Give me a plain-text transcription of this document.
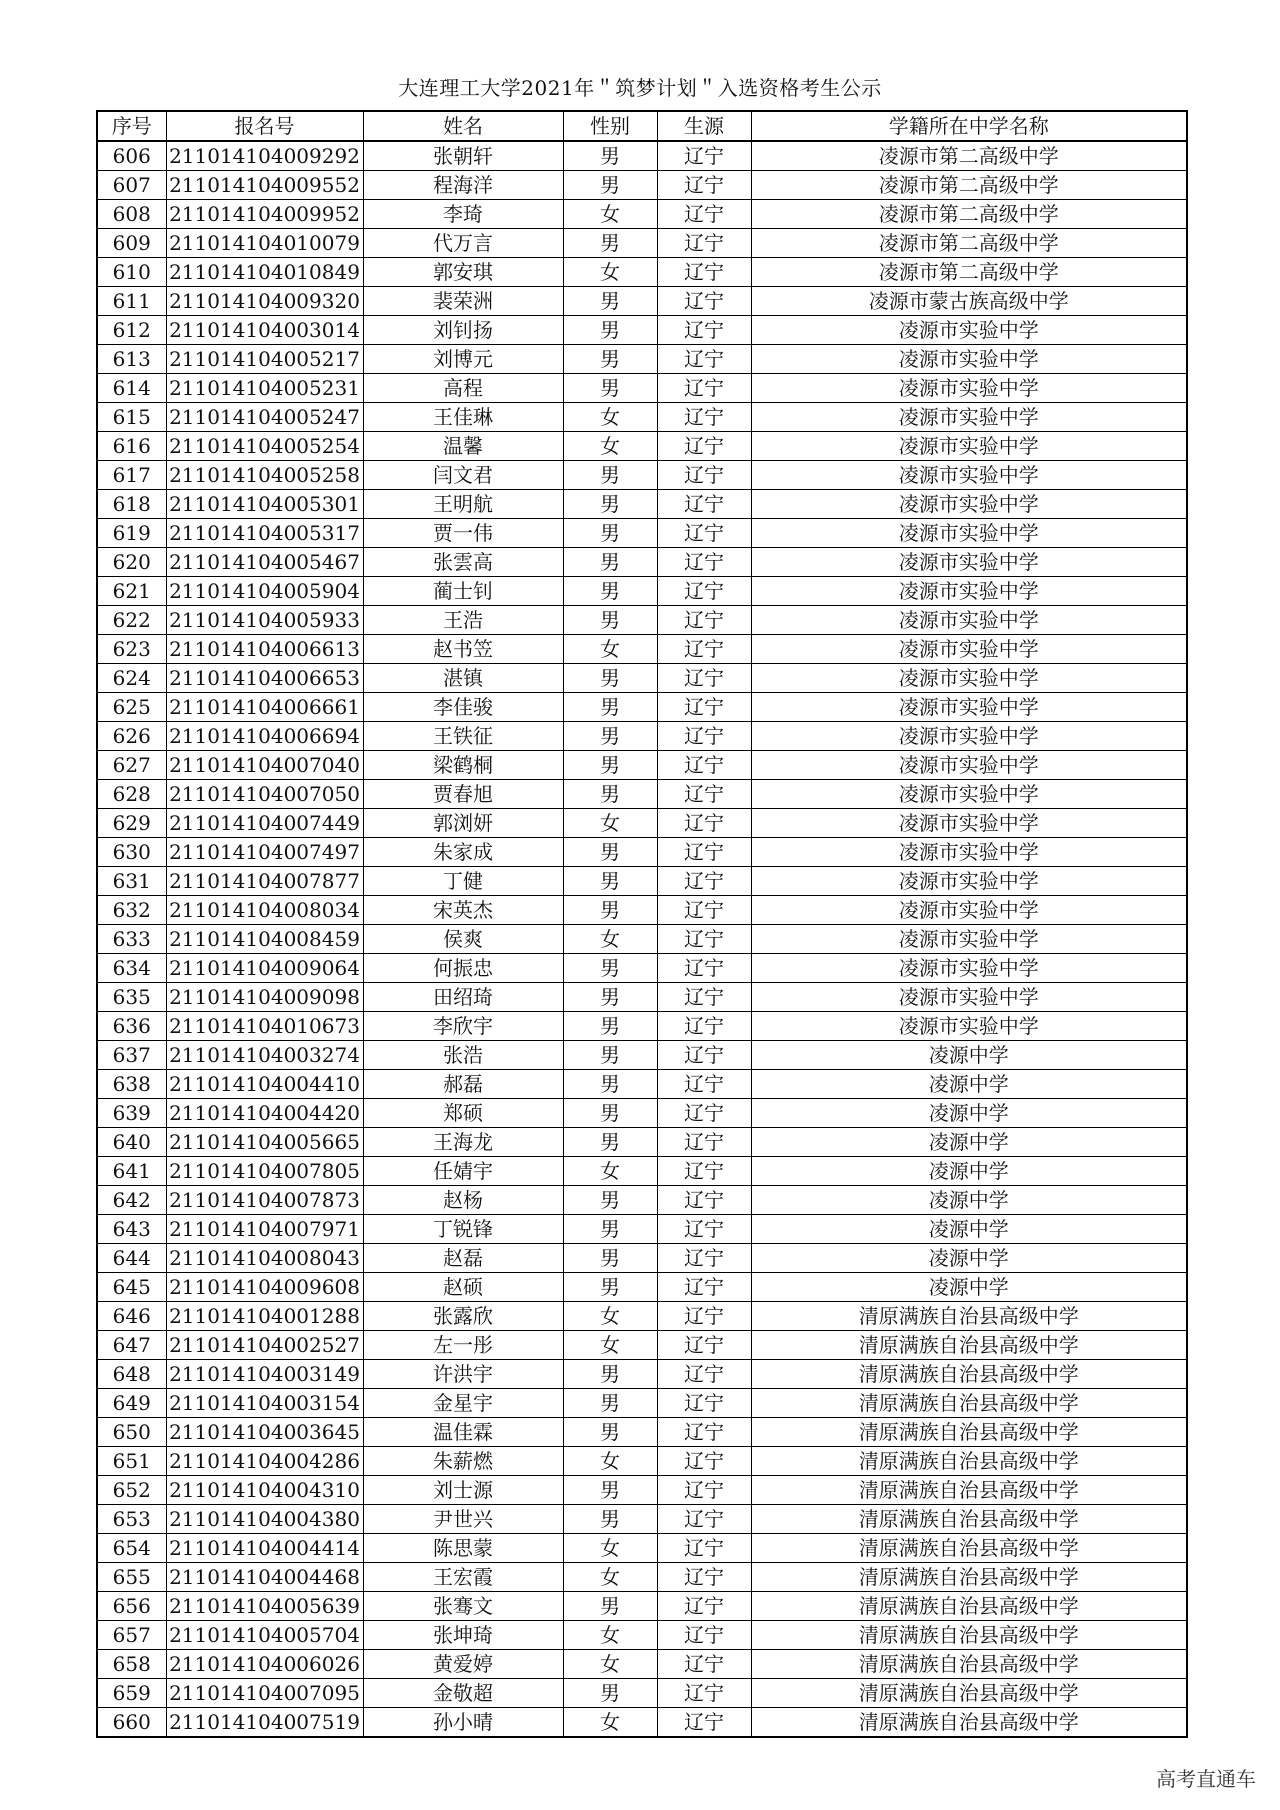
大连理工大学2021年＂筑梦计划＂入选资格考生公示
序号	报名号	姓名	性别	生源	学籍所在中学名称
606	211014104009292	张朝轩	男	辽宁	凌源市第二高级中学
607	211014104009552	程海洋	男	辽宁	凌源市第二高级中学
608	211014104009952	李琦	女	辽宁	凌源市第二高级中学
609	211014104010079	代万言	男	辽宁	凌源市第二高级中学
610	211014104010849	郭安琪	女	辽宁	凌源市第二高级中学
611	211014104009320	裴荣洲	男	辽宁	凌源市蒙古族高级中学
612	211014104003014	刘钊扬	男	辽宁	凌源市实验中学
613	211014104005217	刘博元	男	辽宁	凌源市实验中学
614	211014104005231	高程	男	辽宁	凌源市实验中学
615	211014104005247	王佳琳	女	辽宁	凌源市实验中学
616	211014104005254	温馨	女	辽宁	凌源市实验中学
617	211014104005258	闫文君	男	辽宁	凌源市实验中学
618	211014104005301	王明航	男	辽宁	凌源市实验中学
619	211014104005317	贾一伟	男	辽宁	凌源市实验中学
620	211014104005467	张雲高	男	辽宁	凌源市实验中学
621	211014104005904	蔺士钊	男	辽宁	凌源市实验中学
622	211014104005933	王浩	男	辽宁	凌源市实验中学
623	211014104006613	赵书笠	女	辽宁	凌源市实验中学
624	211014104006653	湛镇	男	辽宁	凌源市实验中学
625	211014104006661	李佳骏	男	辽宁	凌源市实验中学
626	211014104006694	王铁征	男	辽宁	凌源市实验中学
627	211014104007040	梁鹤桐	男	辽宁	凌源市实验中学
628	211014104007050	贾春旭	男	辽宁	凌源市实验中学
629	211014104007449	郭浏妍	女	辽宁	凌源市实验中学
630	211014104007497	朱家成	男	辽宁	凌源市实验中学
631	211014104007877	丁健	男	辽宁	凌源市实验中学
632	211014104008034	宋英杰	男	辽宁	凌源市实验中学
633	211014104008459	侯爽	女	辽宁	凌源市实验中学
634	211014104009064	何振忠	男	辽宁	凌源市实验中学
635	211014104009098	田绍琦	男	辽宁	凌源市实验中学
636	211014104010673	李欣宇	男	辽宁	凌源市实验中学
637	211014104003274	张浩	男	辽宁	凌源中学
638	211014104004410	郝磊	男	辽宁	凌源中学
639	211014104004420	郑硕	男	辽宁	凌源中学
640	211014104005665	王海龙	男	辽宁	凌源中学
641	211014104007805	任婧宇	女	辽宁	凌源中学
642	211014104007873	赵杨	男	辽宁	凌源中学
643	211014104007971	丁锐锋	男	辽宁	凌源中学
644	211014104008043	赵磊	男	辽宁	凌源中学
645	211014104009608	赵硕	男	辽宁	凌源中学
646	211014104001288	张露欣	女	辽宁	清原满族自治县高级中学
647	211014104002527	左一彤	女	辽宁	清原满族自治县高级中学
648	211014104003149	许洪宇	男	辽宁	清原满族自治县高级中学
649	211014104003154	金星宇	男	辽宁	清原满族自治县高级中学
650	211014104003645	温佳霖	男	辽宁	清原满族自治县高级中学
651	211014104004286	朱薪燃	女	辽宁	清原满族自治县高级中学
652	211014104004310	刘士源	男	辽宁	清原满族自治县高级中学
653	211014104004380	尹世兴	男	辽宁	清原满族自治县高级中学
654	211014104004414	陈思蒙	女	辽宁	清原满族自治县高级中学
655	211014104004468	王宏霞	女	辽宁	清原满族自治县高级中学
656	211014104005639	张骞文	男	辽宁	清原满族自治县高级中学
657	211014104005704	张坤琦	女	辽宁	清原满族自治县高级中学
658	211014104006026	黄爱婷	女	辽宁	清原满族自治县高级中学
659	211014104007095	金敬超	男	辽宁	清原满族自治县高级中学
660	211014104007519	孙小晴	女	辽宁	清原满族自治县高级中学
高考直通车
